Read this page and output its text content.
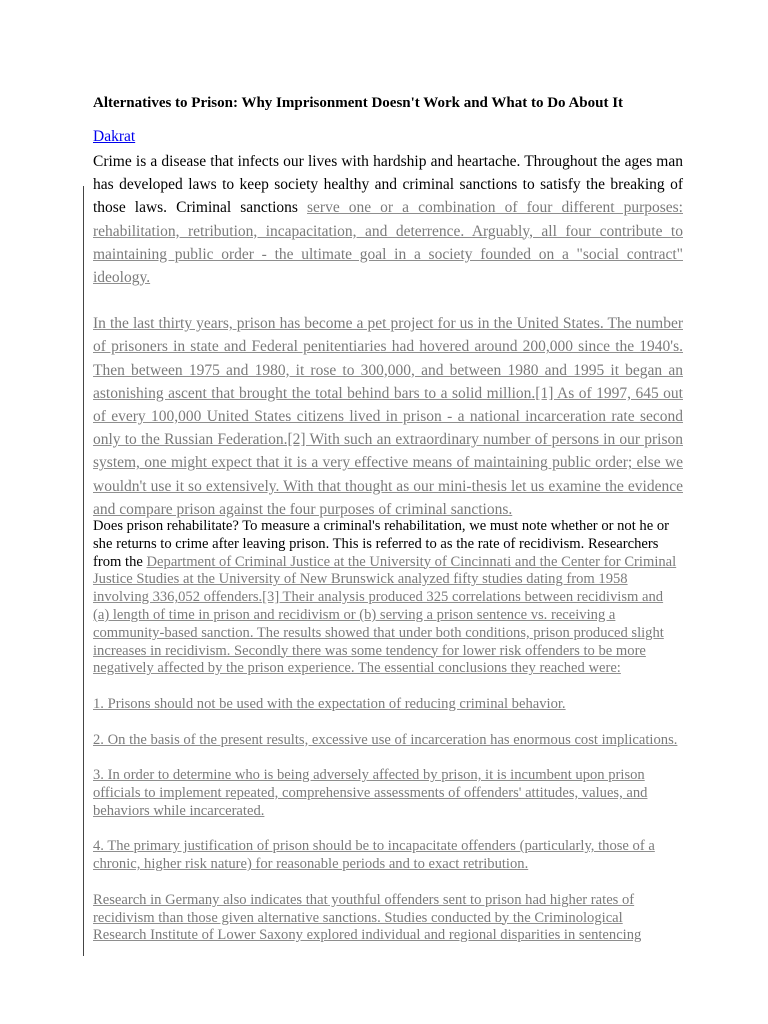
Alternatives to Prison: Why Imprisonment Doesn't Work and What to Do About It
Dakrat

Crime is a disease that infects our lives with hardship and heartache. Throughout the ages man has developed laws to keep society healthy and criminal sanctions to satisfy the breaking of those laws. Criminal sanctions serve one or a combination of four different purposes: rehabilitation, retribution, incapacitation, and deterrence. Arguably, all four contribute to maintaining public order - the ultimate goal in a society founded on a "social contract" ideology.

In the last thirty years, prison has become a pet project for us in the United States. The number of prisoners in state and Federal penitentiaries had hovered around 200,000 since the 1940's. Then between 1975 and 1980, it rose to 300,000, and between 1980 and 1995 it began an astonishing ascent that brought the total behind bars to a solid million.[1] As of 1997, 645 out of every 100,000 United States citizens lived in prison - a national incarceration rate second only to the Russian Federation.[2] With such an extraordinary number of persons in our prison system, one might expect that it is a very effective means of maintaining public order; else we wouldn't use it so extensively. With that thought as our mini-thesis let us examine the evidence and compare prison against the four purposes of criminal sanctions.

Does prison rehabilitate? To measure a criminal's rehabilitation, we must note whether or not he or she returns to crime after leaving prison. This is referred to as the rate of recidivism. Researchers from the Department of Criminal Justice at the University of Cincinnati and the Center for Criminal Justice Studies at the University of New Brunswick analyzed fifty studies dating from 1958 involving 336,052 offenders.[3] Their analysis produced 325 correlations between recidivism and (a) length of time in prison and recidivism or (b) serving a prison sentence vs. receiving a community-based sanction. The results showed that under both conditions, prison produced slight increases in recidivism. Secondly there was some tendency for lower risk offenders to be more negatively affected by the prison experience. The essential conclusions they reached were:

1. Prisons should not be used with the expectation of reducing criminal behavior.

2. On the basis of the present results, excessive use of incarceration has enormous cost implications.

3. In order to determine who is being adversely affected by prison, it is incumbent upon prison officials to implement repeated, comprehensive assessments of offenders' attitudes, values, and behaviors while incarcerated.

4. The primary justification of prison should be to incapacitate offenders (particularly, those of a chronic, higher risk nature) for reasonable periods and to exact retribution.

Research in Germany also indicates that youthful offenders sent to prison had higher rates of recidivism than those given alternative sanctions. Studies conducted by the Criminological Research Institute of Lower Saxony explored individual and regional disparities in sentencing
